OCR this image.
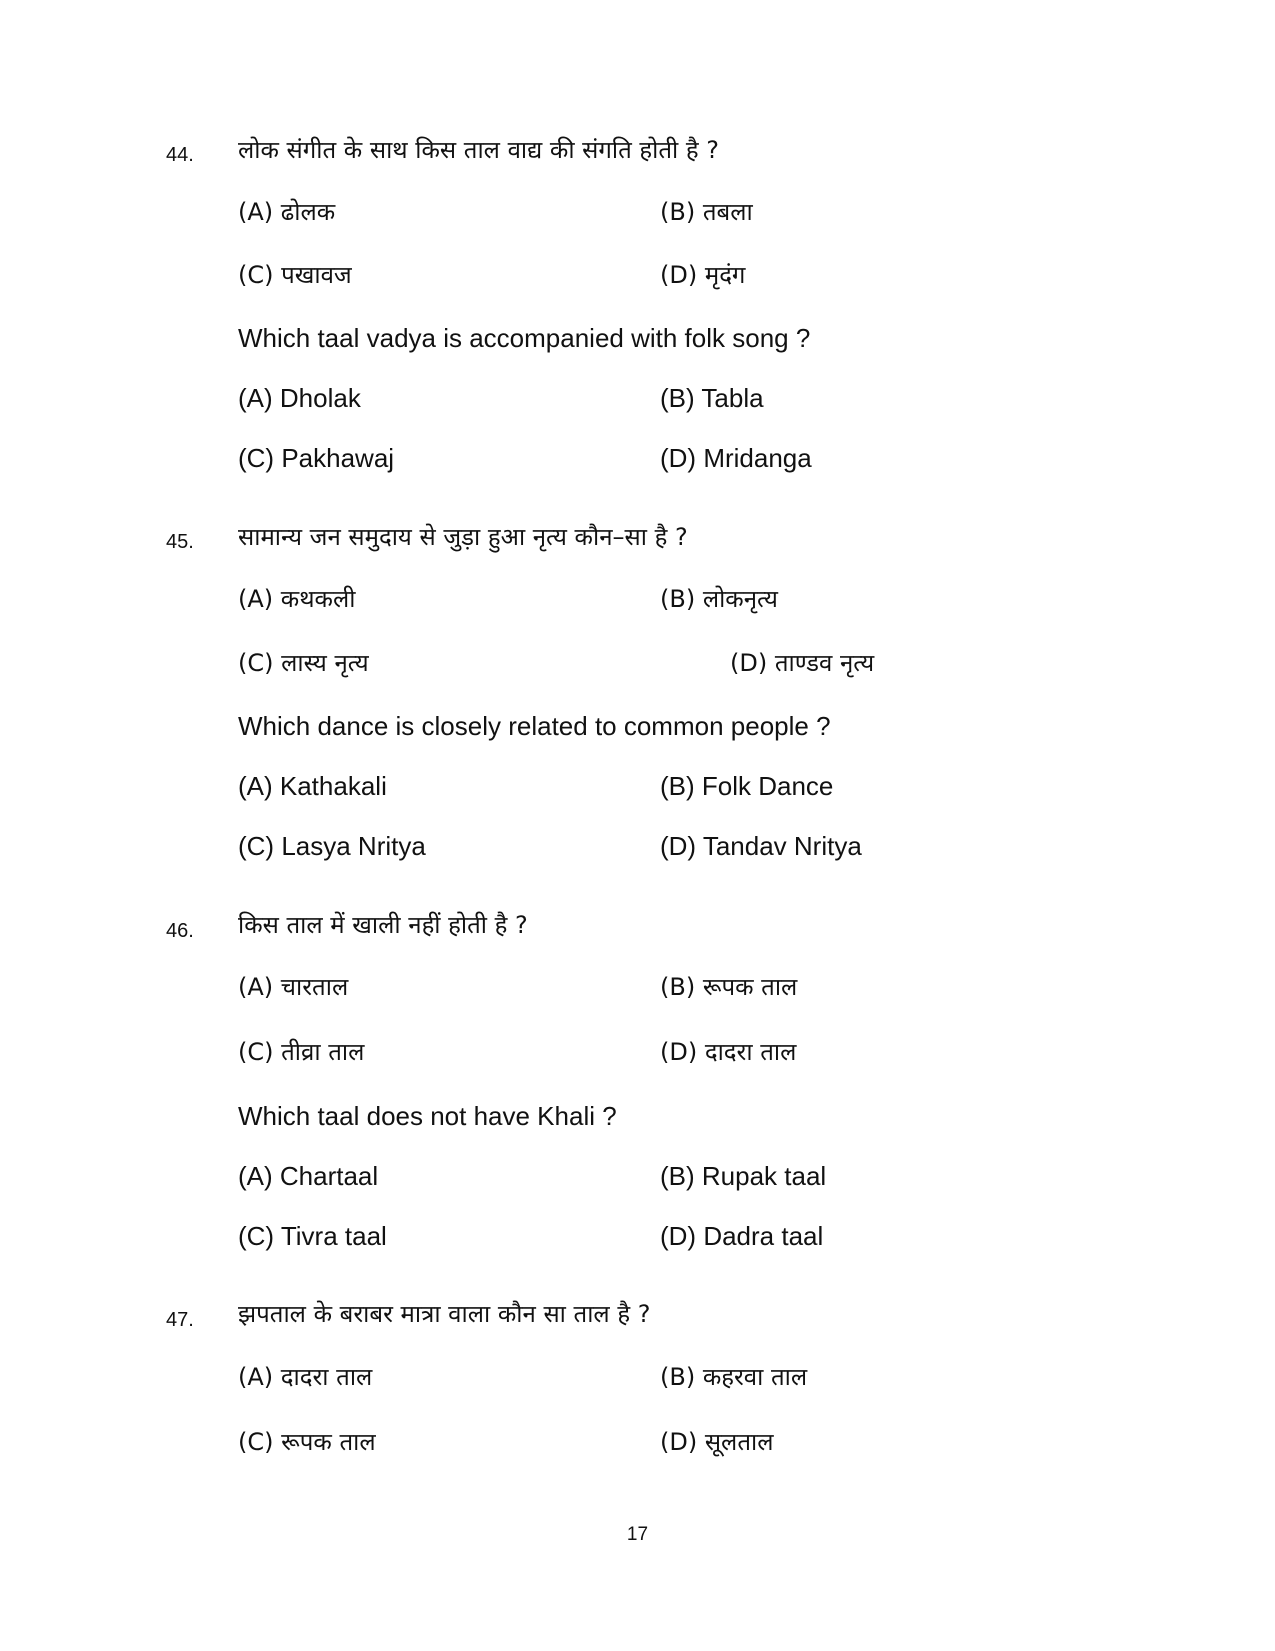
44. लोक संगीत के साथ किस ताल वाद्य की संगति होती है ?
(A) ढोलक	(B) तबला
(C) पखावज	(D) मृदंग
Which taal vadya is accompanied with folk song ?
(A) Dholak	(B) Tabla
(C) Pakhawaj	(D) Mridanga
45. सामान्य जन समुदाय से जुड़ा हुआ नृत्य कौन–सा है ?
(A) कथकली	(B) लोकनृत्य
(C) लास्य नृत्य	(D) ताण्डव नृत्य
Which dance is closely related to common people ?
(A) Kathakali	(B) Folk Dance
(C) Lasya Nritya	(D) Tandav Nritya
46. किस ताल में खाली नहीं होती है ?
(A) चारताल	(B) रूपक ताल
(C) तीव्रा ताल	(D) दादरा ताल
Which taal does not have Khali ?
(A) Chartaal	(B) Rupak taal
(C) Tivra taal	(D) Dadra taal
47. झपताल के बराबर मात्रा वाला कौन सा ताल है ?
(A) दादरा ताल	(B) कहरवा ताल
(C) रूपक ताल	(D) सूलताल
17
